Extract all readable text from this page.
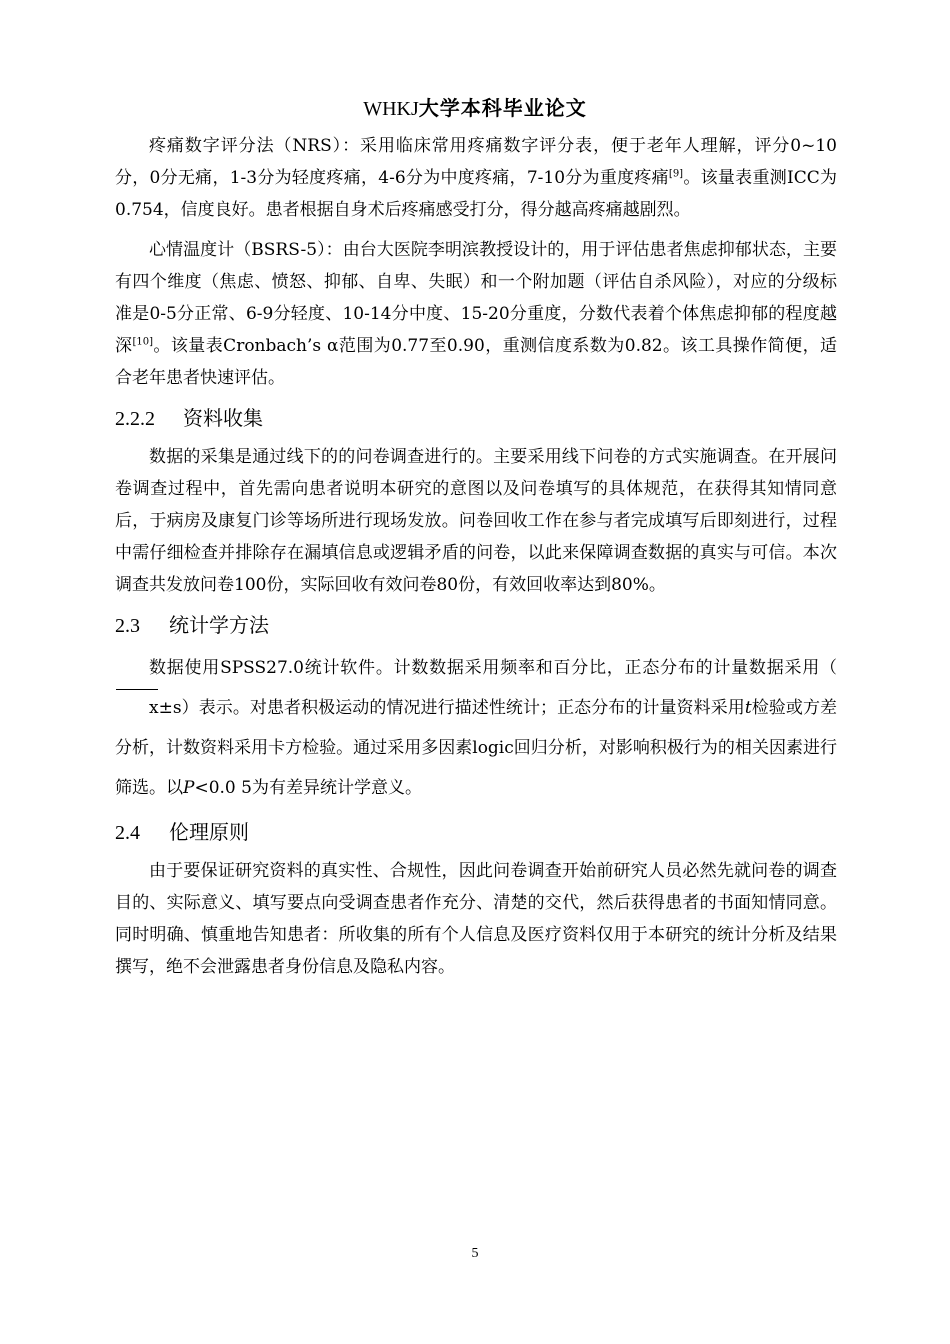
WHKJ大学本科毕业论文

疼痛数字评分法（NRS）：采用临床常用疼痛数字评分表，便于老年人理解，评分0~10分，0分无痛，1-3分为轻度疼痛，4-6分为中度疼痛，7-10分为重度疼痛[9]。该量表重测ICC为0.754，信度良好。患者根据自身术后疼痛感受打分，得分越高疼痛越剧烈。

心情温度计（BSRS-5）：由台大医院李明滨教授设计的，用于评估患者焦虑抑郁状态，主要有四个维度（焦虑、愤怒、抑郁、自卑、失眠）和一个附加题（评估自杀风险），对应的分级标准是0-5分正常、6-9分轻度、10-14分中度、15-20分重度，分数代表着个体焦虑抑郁的程度越深[10]。该量表Cronbach’s α范围为0.77至0.90，重测信度系数为0.82。该工具操作简便，适合老年患者快速评估。

2.2.2 资料收集

数据的采集是通过线下的的问卷调查进行的。主要采用线下问卷的方式实施调查。在开展问卷调查过程中，首先需向患者说明本研究的意图以及问卷填写的具体规范，在获得其知情同意后，于病房及康复门诊等场所进行现场发放。问卷回收工作在参与者完成填写后即刻进行，过程中需仔细检查并排除存在漏填信息或逻辑矛盾的问卷，以此来保障调查数据的真实与可信。本次调查共发放问卷100份，实际回收有效问卷80份，有效回收率达到80%。

2.3 统计学方法

数据使用SPSS27.0统计软件。计数数据采用频率和百分比，正态分布的计量数据采用（x±s）表示。对患者积极运动的情况进行描述性统计；正态分布的计量资料采用t检验或方差分析，计数资料采用卡方检验。通过采用多因素logic回归分析，对影响积极行为的相关因素进行筛选。以P<0.0 5为有差异统计学意义。

2.4 伦理原则

由于要保证研究资料的真实性、合规性，因此问卷调查开始前研究人员必然先就问卷的调查目的、实际意义、填写要点向受调查患者作充分、清楚的交代，然后获得患者的书面知情同意。同时明确、慎重地告知患者：所收集的所有个人信息及医疗资料仅用于本研究的统计分析及结果撰写，绝不会泄露患者身份信息及隐私内容。

5
